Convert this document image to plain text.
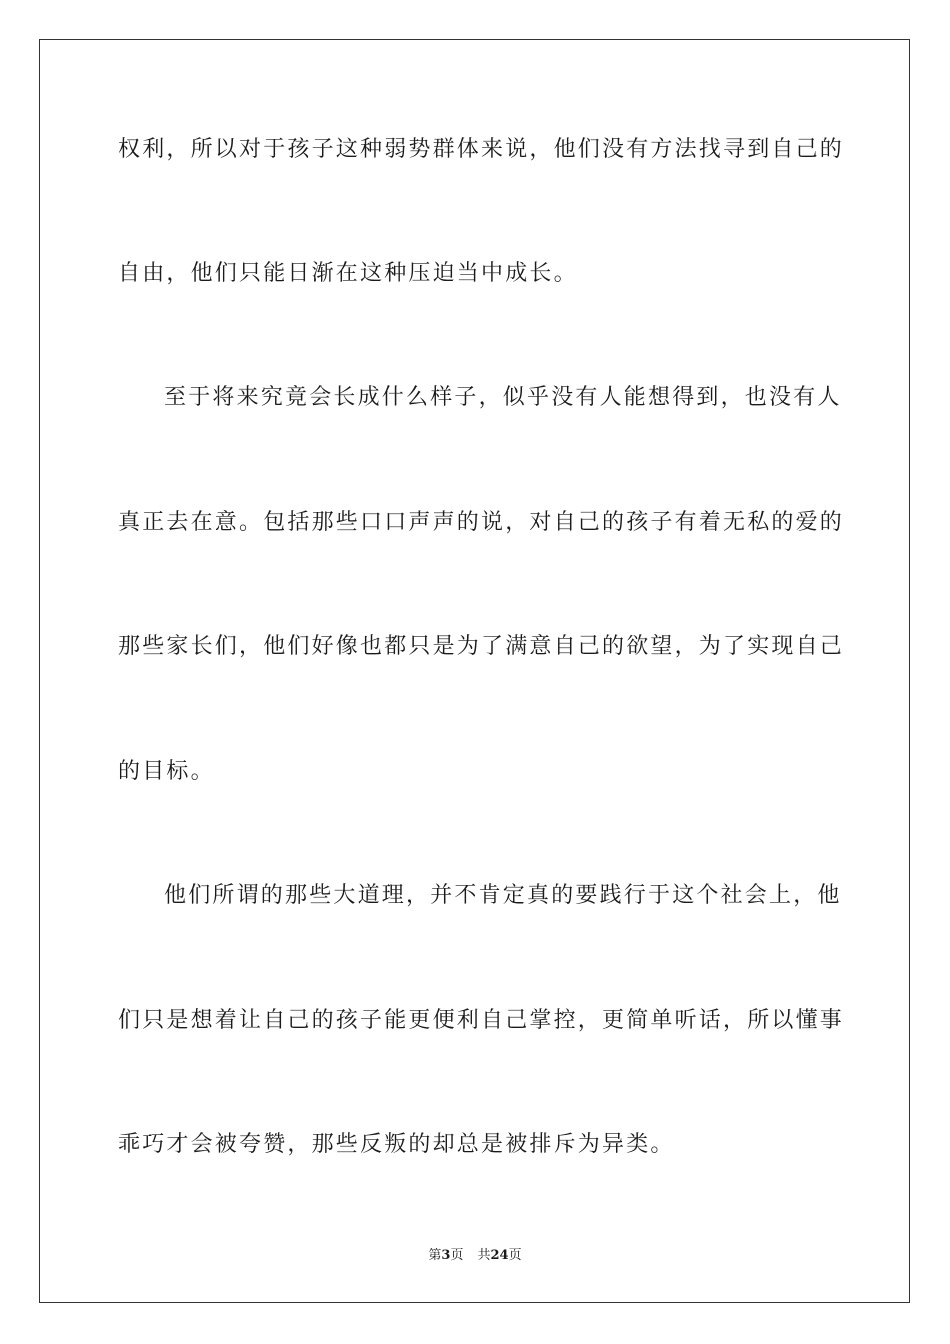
权利，所以对于孩子这种弱势群体来说，他们没有方法找寻到自己的
自由，他们只能日渐在这种压迫当中成长。
至于将来究竟会长成什么样子，似乎没有人能想得到，也没有人
真正去在意。包括那些口口声声的说，对自己的孩子有着无私的爱的
那些家长们，他们好像也都只是为了满意自己的欲望，为了实现自己
的目标。
他们所谓的那些大道理，并不肯定真的要践行于这个社会上，他
们只是想着让自己的孩子能更便利自己掌控，更简单听话，所以懂事
乖巧才会被夸赞，那些反叛的却总是被排斥为异类。
第3页 共24页
